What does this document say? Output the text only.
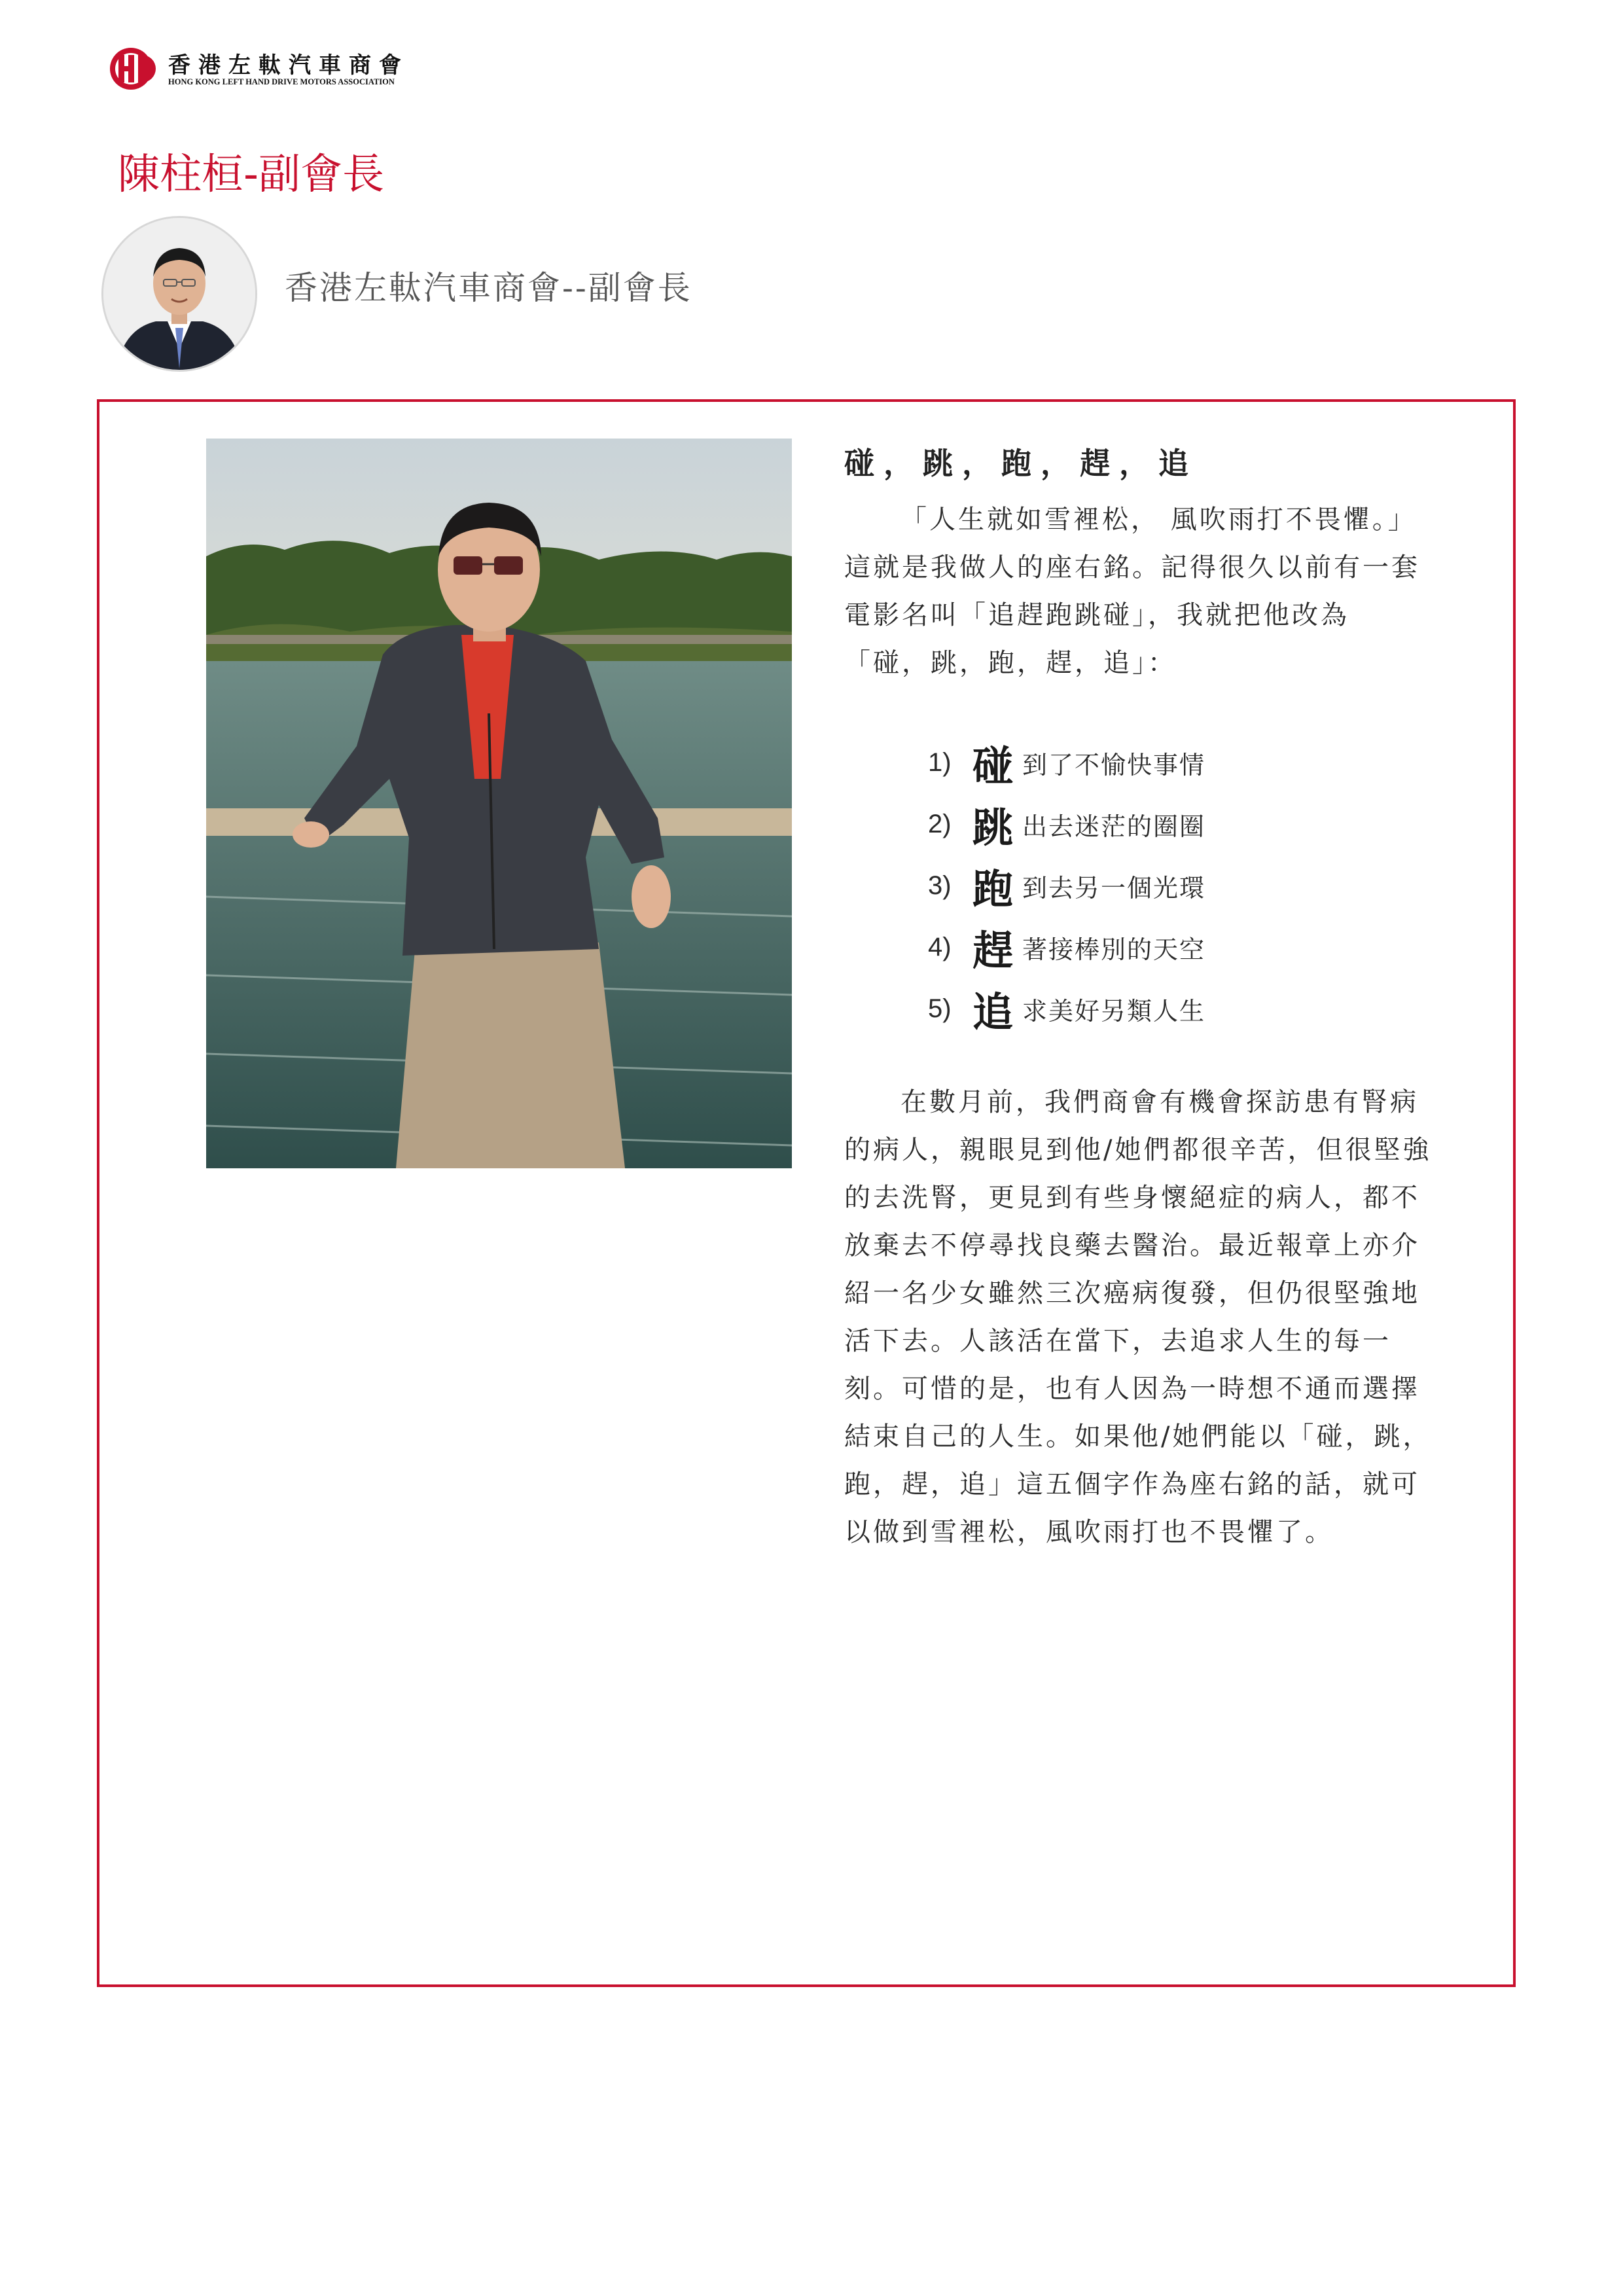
香港左軚汽車商會
HONG KONG LEFT HAND DRIVE MOTORS ASSOCIATION
陳柱桓-副會長
香港左軚汽車商會--副會長
碰，跳，跑，趕，追

「人生就如雪裡松， 風吹雨打不畏懼。」這就是我做人的座右銘。記得很久以前有一套電影名叫「追趕跑跳碰」，我就把他改為「碰，跳，跑，趕，追」：

1) 碰 到了不愉快事情
2) 跳 出去迷茫的圈圈
3) 跑 到去另一個光環
4) 趕 著接棒別的天空
5) 追 求美好另類人生

在數月前，我們商會有機會探訪患有腎病的病人，親眼見到他/她們都很辛苦，但很堅強的去洗腎，更見到有些身懷絕症的病人，都不放棄去不停尋找良藥去醫治。最近報章上亦介紹一名少女雖然三次癌病復發，但仍很堅強地活下去。人該活在當下，去追求人生的每一刻。可惜的是，也有人因為一時想不通而選擇結束自己的人生。如果他/她們能以「碰，跳，跑，趕，追」這五個字作為座右銘的話，就可以做到雪裡松，風吹雨打也不畏懼了。
